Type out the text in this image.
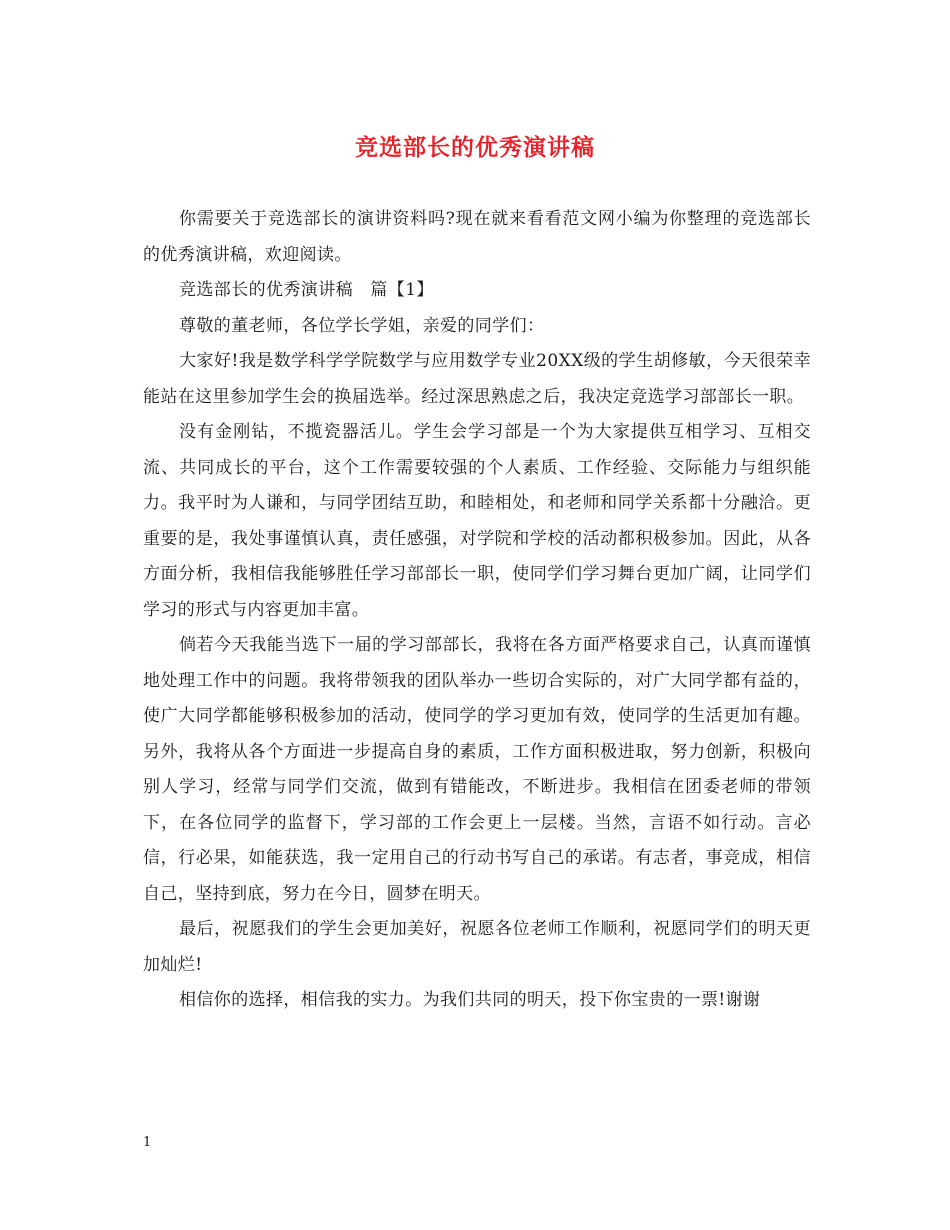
竞选部长的优秀演讲稿

你需要关于竞选部长的演讲资料吗?现在就来看看范文网小编为你整理的竞选部长的优秀演讲稿，欢迎阅读。

竞选部长的优秀演讲稿　篇【1】

尊敬的董老师，各位学长学姐，亲爱的同学们：

大家好!我是数学科学学院数学与应用数学专业20XX级的学生胡修敏，今天很荣幸能站在这里参加学生会的换届选举。经过深思熟虑之后，我决定竞选学习部部长一职。

没有金刚钻，不揽瓷器活儿。学生会学习部是一个为大家提供互相学习、互相交流、共同成长的平台，这个工作需要较强的个人素质、工作经验、交际能力与组织能力。我平时为人谦和，与同学团结互助，和睦相处，和老师和同学关系都十分融洽。更重要的是，我处事谨慎认真，责任感强，对学院和学校的活动都积极参加。因此，从各方面分析，我相信我能够胜任学习部部长一职，使同学们学习舞台更加广阔，让同学们学习的形式与内容更加丰富。

倘若今天我能当选下一届的学习部部长，我将在各方面严格要求自己，认真而谨慎地处理工作中的问题。我将带领我的团队举办一些切合实际的，对广大同学都有益的，使广大同学都能够积极参加的活动，使同学的学习更加有效，使同学的生活更加有趣。另外，我将从各个方面进一步提高自身的素质，工作方面积极进取，努力创新，积极向别人学习，经常与同学们交流，做到有错能改，不断进步。我相信在团委老师的带领下，在各位同学的监督下，学习部的工作会更上一层楼。当然，言语不如行动。言必信，行必果，如能获选，我一定用自己的行动书写自己的承诺。有志者，事竞成，相信自己，坚持到底，努力在今日，圆梦在明天。

最后，祝愿我们的学生会更加美好，祝愿各位老师工作顺利，祝愿同学们的明天更加灿烂!

相信你的选择，相信我的实力。为我们共同的明天，投下你宝贵的一票!谢谢

1
